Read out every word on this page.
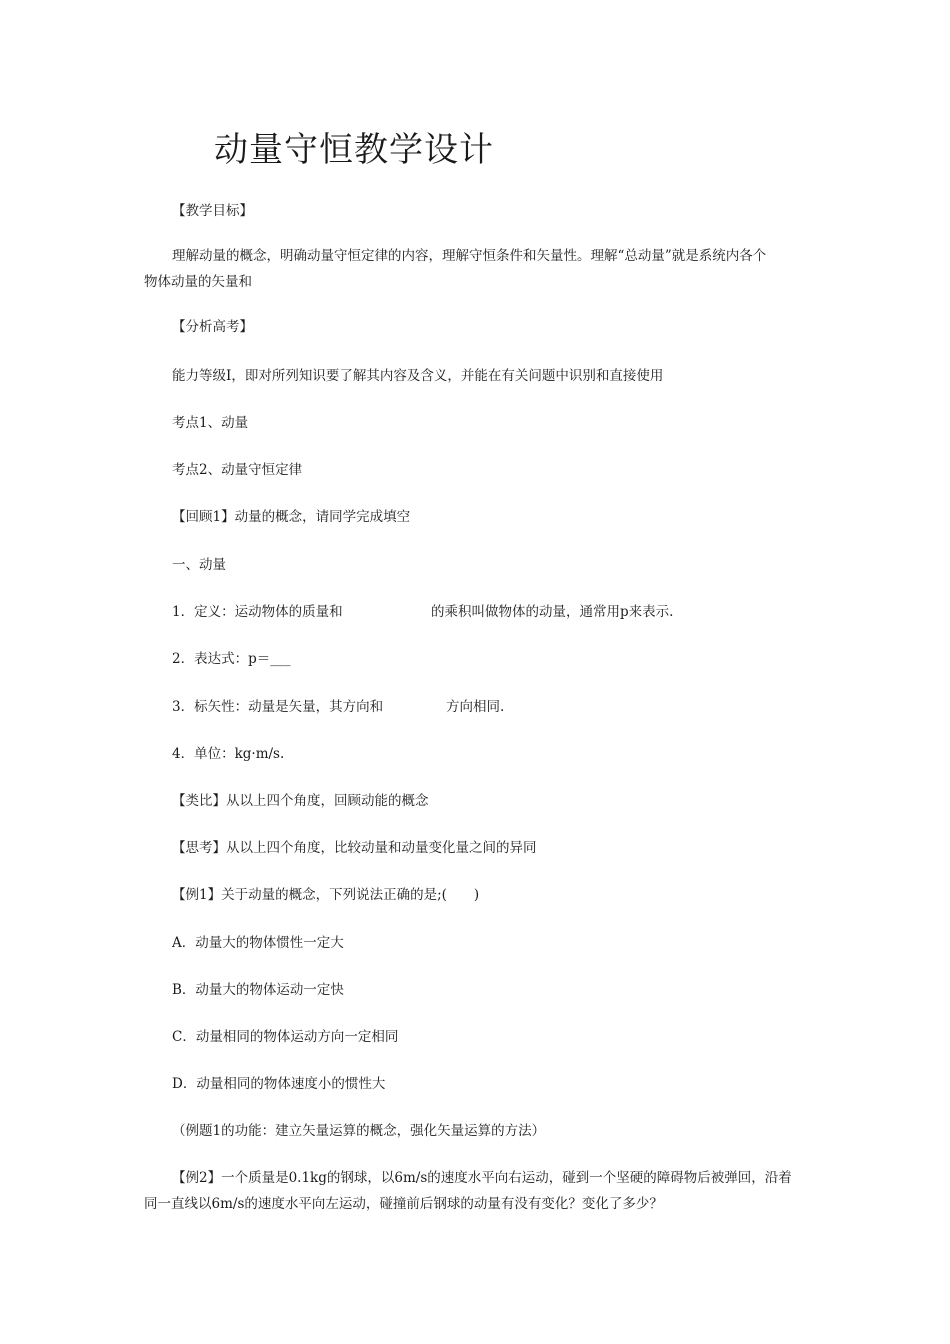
动量守恒教学设计
【教学目标】
理解动量的概念，明确动量守恒定律的内容，理解守恒条件和矢量性。理解“总动量”就是系统内各个
物体动量的矢量和
【分析高考】
能力等级Ⅰ，即对所列知识要了解其内容及含义，并能在有关问题中识别和直接使用
考点1、动量
考点2、动量守恒定律
【回顾1】动量的概念，请同学完成填空
一、动量
1．定义：运动物体的质量和	的乘积叫做物体的动量，通常用p来表示.
2．表达式：p＝___
3．标矢性：动量是矢量，其方向和	方向相同.
4．单位：kg·m/s.
【类比】从以上四个角度，回顾动能的概念
【思考】从以上四个角度，比较动量和动量变化量之间的异同
【例1】关于动量的概念，下列说法正确的是;(　　)
A．动量大的物体惯性一定大
B．动量大的物体运动一定快
C．动量相同的物体运动方向一定相同
D．动量相同的物体速度小的惯性大
（例题1的功能：建立矢量运算的概念，强化矢量运算的方法）
【例2】一个质量是0.1kg的钢球，以6m/s的速度水平向右运动，碰到一个坚硬的障碍物后被弹回，沿着
同一直线以6m/s的速度水平向左运动，碰撞前后钢球的动量有没有变化？变化了多少？
